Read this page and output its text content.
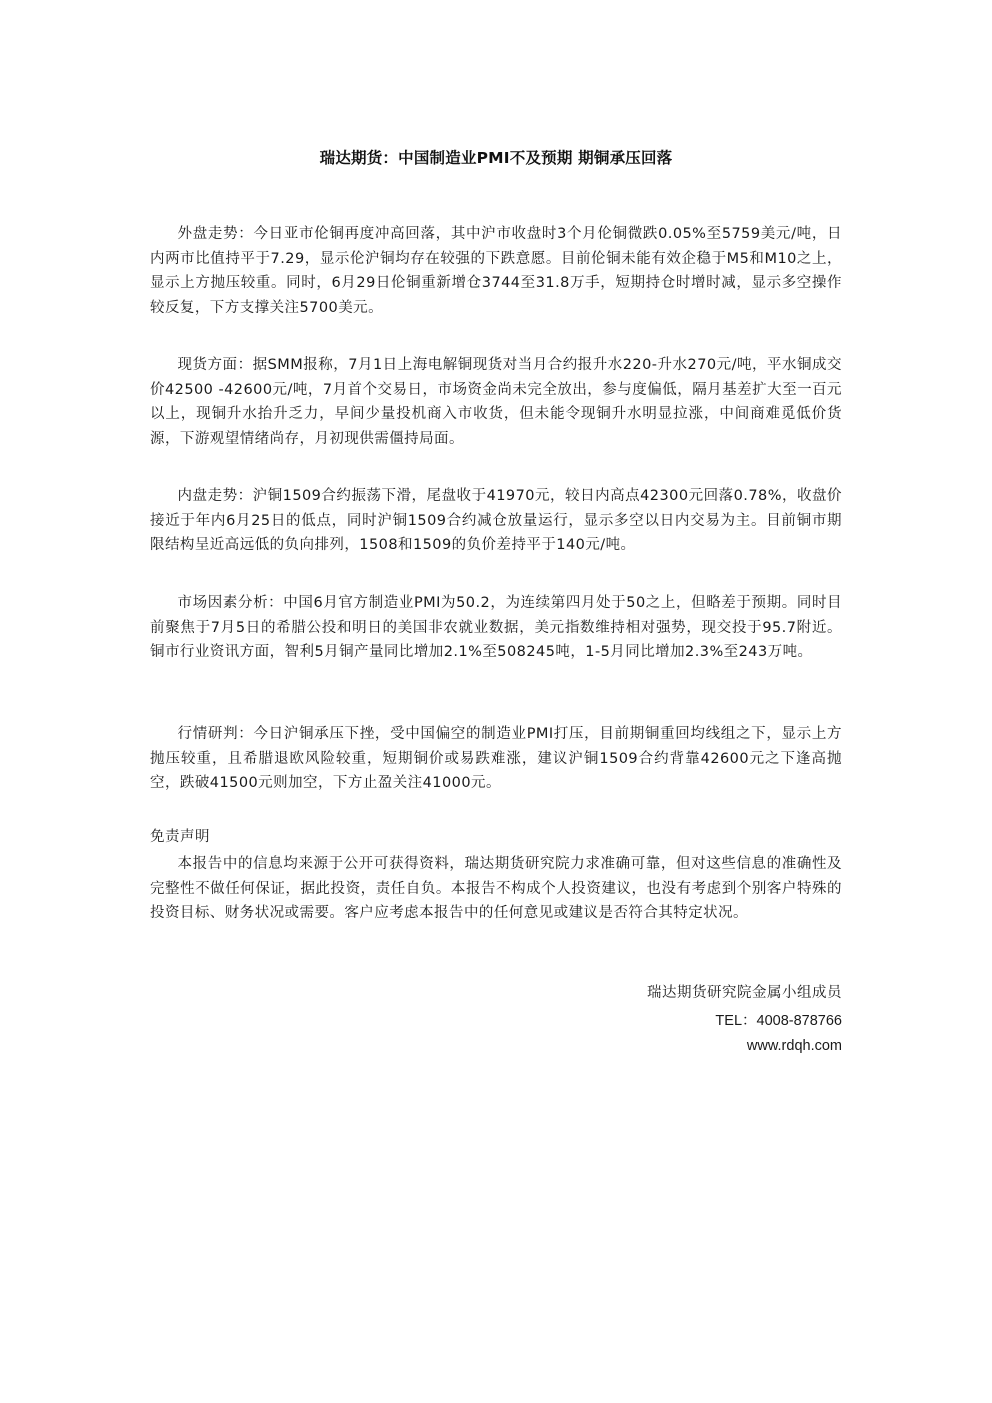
瑞达期货：中国制造业PMI不及预期 期铜承压回落
外盘走势：今日亚市伦铜再度冲高回落，其中沪市收盘时3个月伦铜微跌0.05%至5759美元/吨，日内两市比值持平于7.29，显示伦沪铜均存在较强的下跌意愿。目前伦铜未能有效企稳于M5和M10之上，显示上方抛压较重。同时，6月29日伦铜重新增仓3744至31.8万手，短期持仓时增时减，显示多空操作较反复，下方支撑关注5700美元。
现货方面：据SMM报称，7月1日上海电解铜现货对当月合约报升水220-升水270元/吨，平水铜成交价42500 -42600元/吨，7月首个交易日，市场资金尚未完全放出，参与度偏低，隔月基差扩大至一百元以上，现铜升水抬升乏力，早间少量投机商入市收货，但未能令现铜升水明显拉涨，中间商难觅低价货源，下游观望情绪尚存，月初现供需僵持局面。
内盘走势：沪铜1509合约振荡下滑，尾盘收于41970元，较日内高点42300元回落0.78%，收盘价接近于年内6月25日的低点，同时沪铜1509合约减仓放量运行，显示多空以日内交易为主。目前铜市期限结构呈近高远低的负向排列，1508和1509的负价差持平于140元/吨。
市场因素分析：中国6月官方制造业PMI为50.2，为连续第四月处于50之上，但略差于预期。同时目前聚焦于7月5日的希腊公投和明日的美国非农就业数据，美元指数维持相对强势，现交投于95.7附近。铜市行业资讯方面，智利5月铜产量同比增加2.1%至508245吨，1-5月同比增加2.3%至243万吨。
行情研判：今日沪铜承压下挫，受中国偏空的制造业PMI打压，目前期铜重回均线组之下，显示上方抛压较重，且希腊退欧风险较重，短期铜价或易跌难涨，建议沪铜1509合约背靠42600元之下逢高抛空，跌破41500元则加空，下方止盈关注41000元。
免责声明
本报告中的信息均来源于公开可获得资料，瑞达期货研究院力求准确可靠，但对这些信息的准确性及完整性不做任何保证，据此投资，责任自负。本报告不构成个人投资建议，也没有考虑到个别客户特殊的投资目标、财务状况或需要。客户应考虑本报告中的任何意见或建议是否符合其特定状况。
瑞达期货研究院金属小组成员
TEL：4008-878766
www.rdqh.com
